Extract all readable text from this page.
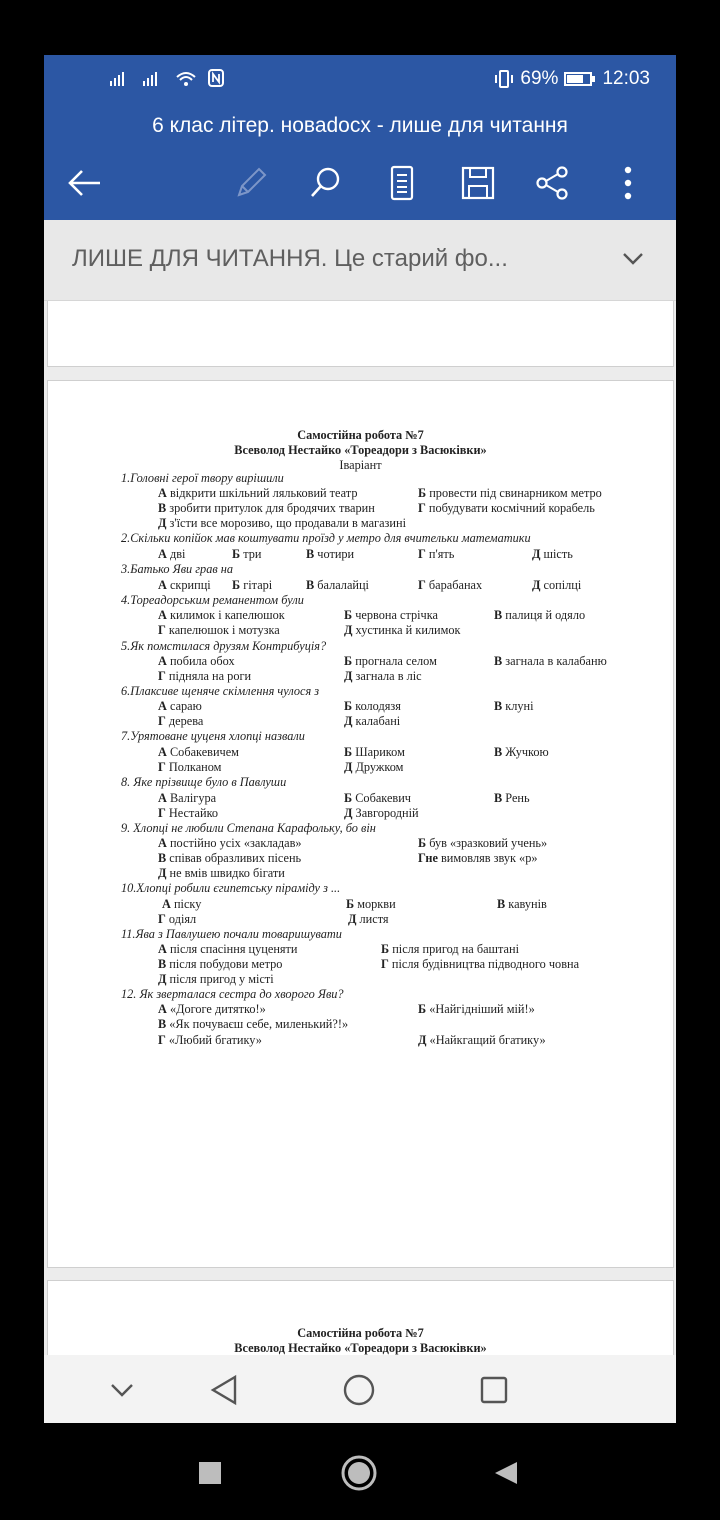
69% 12:03
6 клас літер. новаdocx - лише для читання
ЛИШЕ ДЛЯ ЧИТАННЯ. Це старий фо...
Самостійна робота №7
Всеволод Нестайко «Тореадори з Васюківки»
Iваріант
1.Головні герої твору вирішили
А відкрити шкільний ляльковий театр	Б провести під свинарником метро
В зробити притулок для бродячих тварин	Г побудувати космічний корабель
Д з'їсти все морозиво, що продавали в магазині
2.Скільки копійок мав коштувати проїзд у метро для вчительки математики
А дві	Б три	В чотири	Г п'ять	Д шість
3.Батько Яви грав на
А скрипці Б гітарі	В балалайці	Г барабанах	Д сопілці
4.Тореадорським реманентом були
А килимок і капелюшок	Б червона стрічка	В палиця й одяло
Г капелюшок і мотузка	Д хустинка й килимок
5.Як помстилася друзям Контрибуція?
А побила обох	Б прогнала селом	В загнала в калабаню
Г підняла на роги	Д загнала в ліс
6.Плаксиве щеняче скімлення чулося з
А сараю	Б колодязя	В клуні
Г дерева	Д калабані
7.Урятоване цуценя хлопці назвали
А Собакевичем	Б Шариком	В Жучкою
Г Полканом	Д Дружком
8. Яке прізвище було в Павлуши
А Валігура	Б Собакевич	В Рень
Г Нестайко	Д Завгородній
9. Хлопці не любили Степана Карафольку, бо він
А постійно усіх «закладав»	Б був «зразковий учень»
В співав образливих пісень	Гне вимовляв звук «р»
Д не вмів швидко бігати
10.Хлопці робили єгипетську піраміду з ...
А піску	Б моркви	В кавунів
Г одіял	Д листя
11.Ява з Павлушею почали товаришувати
А після спасіння цуценяти	Б після пригод на баштані
В після побудови метро	Г після будівництва підводного човна
Д після пригод у місті
12. Як зверталася сестра до хворого Яви?
А «Догоге дитятко!»	Б «Найгідніший мій!»
В «Як почуваєш себе, миленький?!»
Г «Любий бгатику»	Д «Найкгащий бгатику»
Самостійна робота №7
Всеволод Нестайко «Тореадори з Васюківки»
